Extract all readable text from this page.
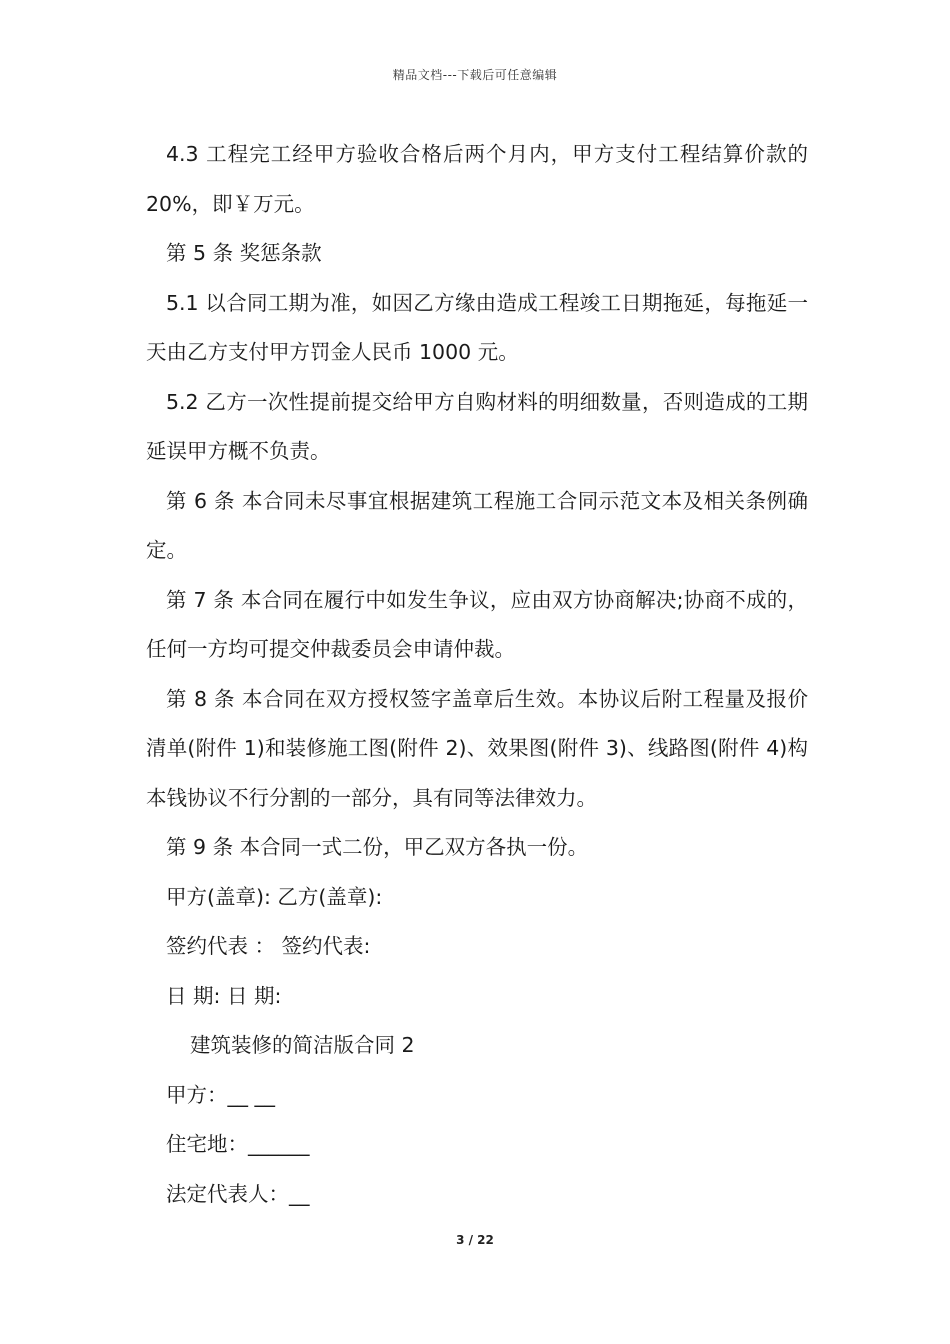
精品文档---下载后可任意编辑

4.3 工程完工经甲方验收合格后两个月内，甲方支付工程结算价款的 20%，即￥万元。

第 5 条 奖惩条款

5.1 以合同工期为准，如因乙方缘由造成工程竣工日期拖延，每拖延一天由乙方支付甲方罚金人民币 1000 元。

5.2 乙方一次性提前提交给甲方自购材料的明细数量，否则造成的工期延误甲方概不负责。

第 6 条 本合同未尽事宜根据建筑工程施工合同示范文本及相关条例确定。

第 7 条 本合同在履行中如发生争议，应由双方协商解决;协商不成的，任何一方均可提交仲裁委员会申请仲裁。

第 8 条 本合同在双方授权签字盖章后生效。本协议后附工程量及报价清单(附件 1)和装修施工图(附件 2)、效果图(附件 3)、线路图(附件 4)构本钱协议不行分割的一部分，具有同等法律效力。

第 9 条 本合同一式二份，甲乙双方各执一份。

甲方(盖章): 乙方(盖章):

签约代表 ： 签约代表:

日 期: 日 期:

建筑装修的简洁版合同 2

甲方：__ __

住宅地：______

法定代表人：__

3 / 22
